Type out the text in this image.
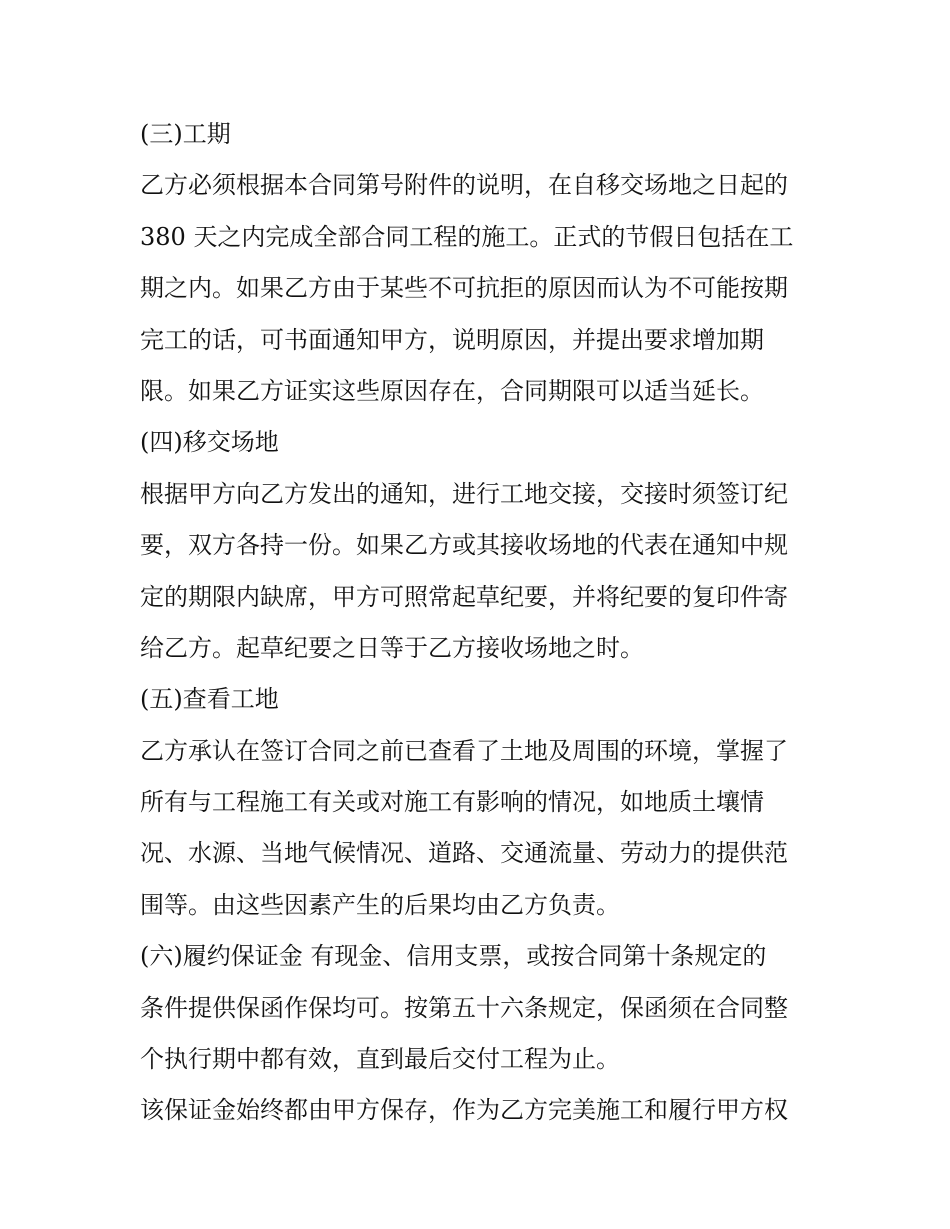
(三)工期
乙方必须根据本合同第号附件的说明，在自移交场地之日起的
380 天之内完成全部合同工程的施工。正式的节假日包括在工
期之内。如果乙方由于某些不可抗拒的原因而认为不可能按期
完工的话，可书面通知甲方，说明原因，并提出要求增加期
限。如果乙方证实这些原因存在，合同期限可以适当延长。
(四)移交场地
根据甲方向乙方发出的通知，进行工地交接，交接时须签订纪
要，双方各持一份。如果乙方或其接收场地的代表在通知中规
定的期限内缺席，甲方可照常起草纪要，并将纪要的复印件寄
给乙方。起草纪要之日等于乙方接收场地之时。
(五)查看工地
乙方承认在签订合同之前已查看了土地及周围的环境，掌握了
所有与工程施工有关或对施工有影响的情况，如地质土壤情
况、水源、当地气候情况、道路、交通流量、劳动力的提供范
围等。由这些因素产生的后果均由乙方负责。
(六)履约保证金 有现金、信用支票，或按合同第十条规定的
条件提供保函作保均可。按第五十六条规定，保函须在合同整
个执行期中都有效，直到最后交付工程为止。
该保证金始终都由甲方保存，作为乙方完美施工和履行甲方权
